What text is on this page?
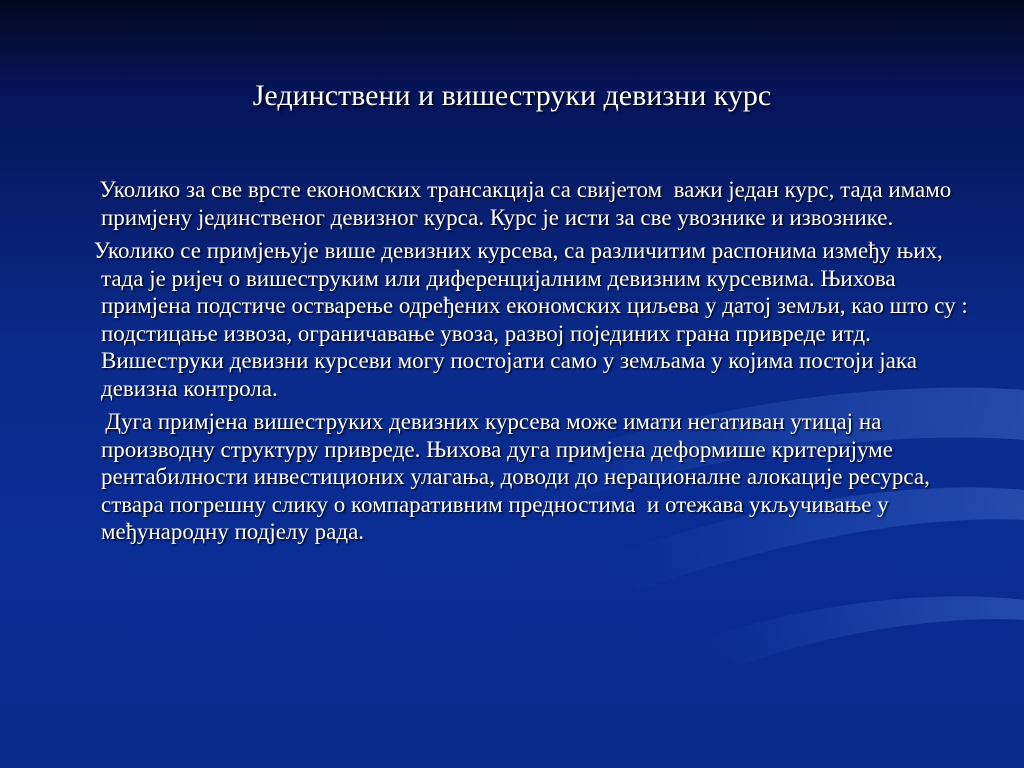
Јединствени и вишеструки девизни курс

Уколико за све врсте економских трансакција са свијетом  важи један курс, тада имамо примјену јединственог девизног курса. Курс је исти за све увознике и извознике.

Уколико се примјењује више девизних курсева, са различитим распонима између њих, тада је ријеч о вишеструким или диференцијалним девизним курсевима. Њихова примјена подстиче остварење одређених економских циљева у датој земљи, као што су : подстицање извоза, ограничавање увоза, развој појединих грана привреде итд. Вишеструки девизни курсеви могу постојати само у земљама у којима постоји јака девизна контрола.

Дуга примјена вишеструких девизних курсева може имати негативан утицај на производну структуру привреде. Њихова дуга примјена деформише критеријуме рентабилности инвестиционих улагања, доводи до нерационалне алокације ресурса, ствара погрешну слику о компаративним предностима  и отежава укључивање у међународну подјелу рада.
